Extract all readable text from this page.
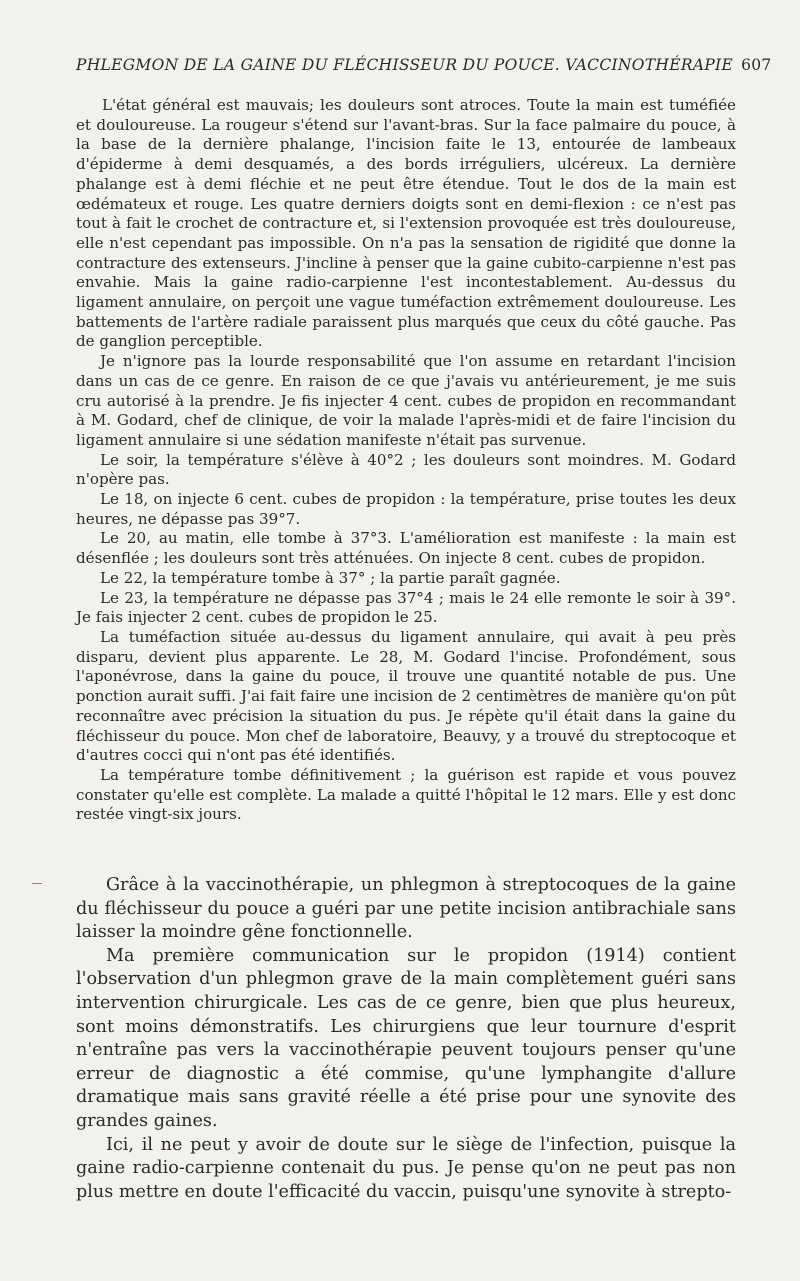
PHLEGMON DE LA GAINE DU FLÉCHISSEUR DU POUCE. VACCINOTHÉRAPIE 607

L'état général est mauvais; les douleurs sont atroces. Toute la main est tuméfiée et douloureuse. La rougeur s'étend sur l'avant-bras. Sur la face palmaire du pouce, à la base de la dernière phalange, l'incision faite le 13, entourée de lambeaux d'épiderme à demi desquamés, a des bords irréguliers, ulcéreux. La dernière phalange est à demi fléchie et ne peut être étendue. Tout le dos de la main est œdémateux et rouge. Les quatre derniers doigts sont en demi-flexion : ce n'est pas tout à fait le crochet de contracture et, si l'extension provoquée est très douloureuse, elle n'est cependant pas impossible. On n'a pas la sensation de rigidité que donne la contracture des extenseurs. J'incline à penser que la gaine cubito-carpienne n'est pas envahie. Mais la gaine radio-carpienne l'est incontestablement. Au-dessus du ligament annulaire, on perçoit une vague tuméfaction extrêmement douloureuse. Les battements de l'artère radiale paraissent plus marqués que ceux du côté gauche. Pas de ganglion perceptible.

Je n'ignore pas la lourde responsabilité que l'on assume en retardant l'incision dans un cas de ce genre. En raison de ce que j'avais vu antérieurement, je me suis cru autorisé à la prendre. Je fis injecter 4 cent. cubes de propidon en recommandant à M. Godard, chef de clinique, de voir la malade l'après-midi et de faire l'incision du ligament annulaire si une sédation manifeste n'était pas survenue.

Le soir, la température s'élève à 40°2 ; les douleurs sont moindres. M. Godard n'opère pas.

Le 18, on injecte 6 cent. cubes de propidon : la température, prise toutes les deux heures, ne dépasse pas 39°7.

Le 20, au matin, elle tombe à 37°3. L'amélioration est manifeste : la main est désenflée ; les douleurs sont très atténuées. On injecte 8 cent. cubes de propidon.

Le 22, la température tombe à 37° ; la partie paraît gagnée.

Le 23, la température ne dépasse pas 37°4 ; mais le 24 elle remonte le soir à 39°. Je fais injecter 2 cent. cubes de propidon le 25.

La tuméfaction située au-dessus du ligament annulaire, qui avait à peu près disparu, devient plus apparente. Le 28, M. Godard l'incise. Profondément, sous l'aponévrose, dans la gaine du pouce, il trouve une quantité notable de pus. Une ponction aurait suffi. J'ai fait faire une incision de 2 centimètres de manière qu'on pût reconnaître avec précision la situation du pus. Je répète qu'il était dans la gaine du fléchisseur du pouce. Mon chef de laboratoire, Beauvy, y a trouvé du streptocoque et d'autres cocci qui n'ont pas été identifiés.

La température tombe définitivement ; la guérison est rapide et vous pouvez constater qu'elle est complète. La malade a quitté l'hôpital le 12 mars. Elle y est donc restée vingt-six jours.

Grâce à la vaccinothérapie, un phlegmon à streptocoques de la gaine du fléchisseur du pouce a guéri par une petite incision antibrachiale sans laisser la moindre gêne fonctionnelle.

Ma première communication sur le propidon (1914) contient l'observation d'un phlegmon grave de la main complètement guéri sans intervention chirurgicale. Les cas de ce genre, bien que plus heureux, sont moins démonstratifs. Les chirurgiens que leur tournure d'esprit n'entraîne pas vers la vaccinothérapie peuvent toujours penser qu'une erreur de diagnostic a été commise, qu'une lymphangite d'allure dramatique mais sans gravité réelle a été prise pour une synovite des grandes gaines.

Ici, il ne peut y avoir de doute sur le siège de l'infection, puisque la gaine radio-carpienne contenait du pus. Je pense qu'on ne peut pas non plus mettre en doute l'efficacité du vaccin, puisqu'une synovite à strepto-
